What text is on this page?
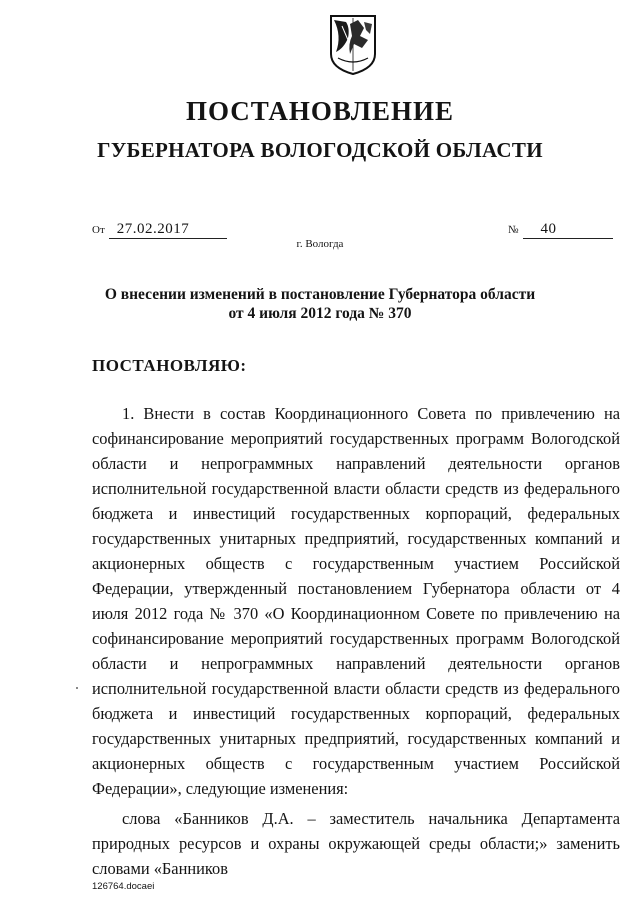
ПОСТАНОВЛЕНИЕ
ГУБЕРНАТОРА ВОЛОГОДСКОЙ ОБЛАСТИ
От 27.02.2017	№ 40
г. Вологда
О внесении изменений в постановление Губернатора области
от 4 июля 2012 года № 370
ПОСТАНОВЛЯЮ:

1. Внести в состав Координационного Совета по привлечению на софинансирование мероприятий государственных программ Вологодской области и непрограммных направлений деятельности органов исполнительной государственной власти области средств из федерального бюджета и инвестиций государственных корпораций, федеральных государственных унитарных предприятий, государственных компаний и акционерных обществ с государственным участием Российской Федерации, утвержденный постановлением Губернатора области от 4 июля 2012 года № 370 «О Координационном Совете по привлечению на софинансирование мероприятий государственных программ Вологодской области и непрограммных направлений деятельности органов исполнительной государственной власти области средств из федерального бюджета и инвестиций государственных корпораций, федеральных государственных унитарных предприятий, государственных компаний и акционерных обществ с государственным участием Российской Федерации», следующие изменения:

слова «Банников Д.А. – заместитель начальника Департамента природных ресурсов и охраны окружающей среды области;» заменить словами «Банников

126764.docaei
